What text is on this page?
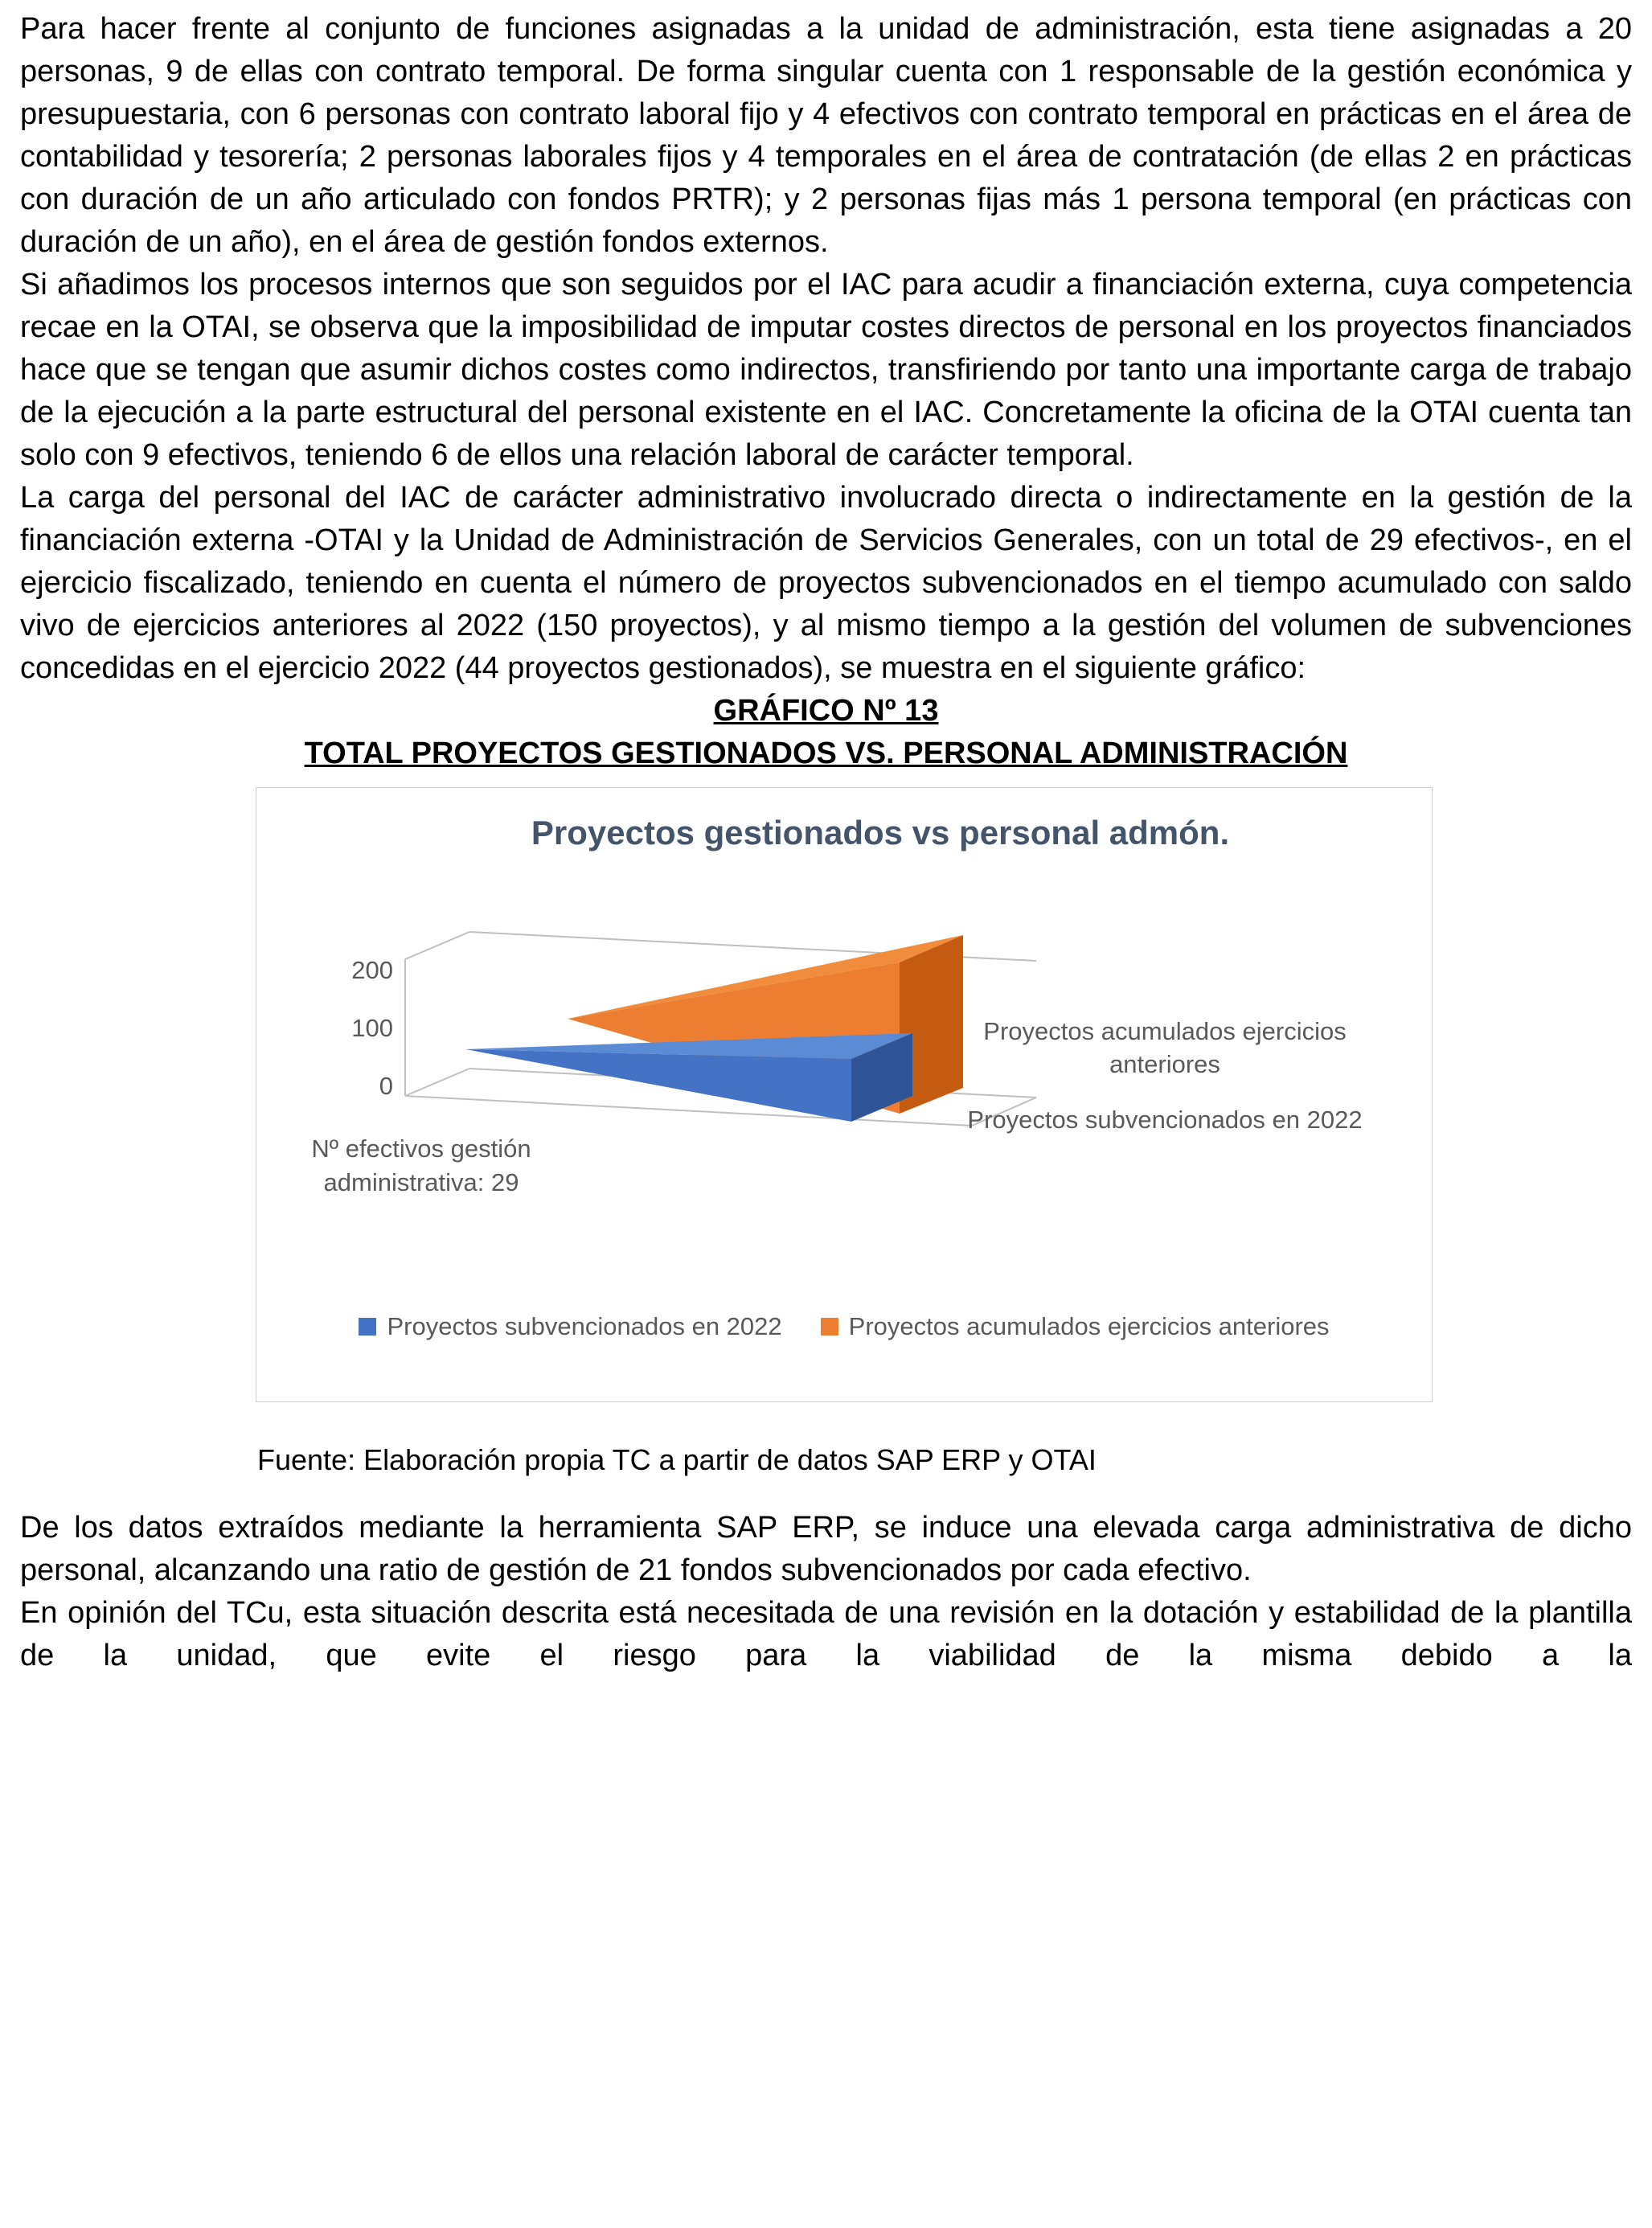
Para hacer frente al conjunto de funciones asignadas a la unidad de administración, esta tiene asignadas a 20 personas, 9 de ellas con contrato temporal. De forma singular cuenta con 1 responsable de la gestión económica y presupuestaria, con 6 personas con contrato laboral fijo y 4 efectivos con contrato temporal en prácticas en el área de contabilidad y tesorería; 2 personas laborales fijos y 4 temporales en el área de contratación (de ellas 2 en prácticas con duración de un año articulado con fondos PRTR); y 2 personas fijas más 1 persona temporal (en prácticas con duración de un año), en el área de gestión fondos externos.

Si añadimos los procesos internos que son seguidos por el IAC para acudir a financiación externa, cuya competencia recae en la OTAI, se observa que la imposibilidad de imputar costes directos de personal en los proyectos financiados hace que se tengan que asumir dichos costes como indirectos, transfiriendo por tanto una importante carga de trabajo de la ejecución a la parte estructural del personal existente en el IAC. Concretamente la oficina de la OTAI cuenta tan solo con 9 efectivos, teniendo 6 de ellos una relación laboral de carácter temporal.

La carga del personal del IAC de carácter administrativo involucrado directa o indirectamente en la gestión de la financiación externa -OTAI y la Unidad de Administración de Servicios Generales, con un total de 29 efectivos-, en el ejercicio fiscalizado, teniendo en cuenta el número de proyectos subvencionados en el tiempo acumulado con saldo vivo de ejercicios anteriores al 2022 (150 proyectos), y al mismo tiempo a la gestión del volumen de subvenciones concedidas en el ejercicio 2022 (44 proyectos gestionados), se muestra en el siguiente gráfico:

GRÁFICO Nº 13
TOTAL PROYECTOS GESTIONADOS VS. PERSONAL ADMINISTRACIÓN
Proyectos gestionados vs personal admón.
200
100
0
Proyectos acumulados ejercicios anteriores
Proyectos subvencionados en 2022
Nº efectivos gestión administrativa: 29
Proyectos subvencionados en 2022	Proyectos acumulados ejercicios anteriores
Fuente: Elaboración propia TC a partir de datos SAP ERP y OTAI

De los datos extraídos mediante la herramienta SAP ERP, se induce una elevada carga administrativa de dicho personal, alcanzando una ratio de gestión de 21 fondos subvencionados por cada efectivo.

En opinión del TCu, esta situación descrita está necesitada de una revisión en la dotación y estabilidad de la plantilla de la unidad, que evite el riesgo para la viabilidad de la misma debido a la
